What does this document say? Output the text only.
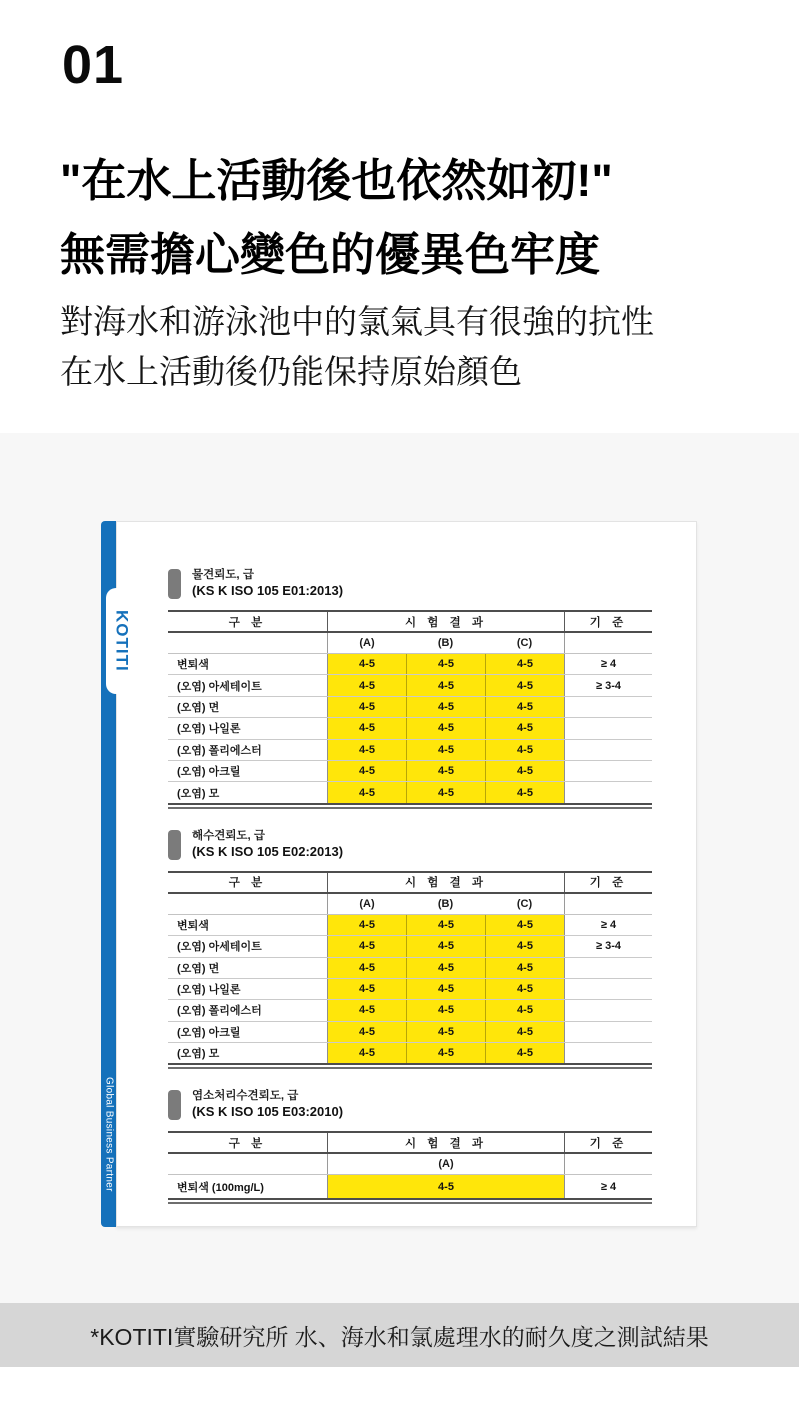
01
"在水上活動後也依然如初!"
無需擔心變色的優異色牢度
對海水和游泳池中的氯氣具有很強的抗性
在水上活動後仍能保持原始顏色
물견뢰도, 급
(KS K ISO 105 E01:2013)
구 분	시 험 결 과	기 준
(A)	(B)	(C)
변퇴색	4-5	4-5	4-5	≥ 4
(오염) 아세테이트	4-5	4-5	4-5	≥ 3-4
(오염) 면	4-5	4-5	4-5
(오염) 나일론	4-5	4-5	4-5
(오염) 폴리에스터	4-5	4-5	4-5
(오염) 아크릴	4-5	4-5	4-5
(오염) 모	4-5	4-5	4-5
해수견뢰도, 급
(KS K ISO 105 E02:2013)
구 분	시 험 결 과	기 준
(A)	(B)	(C)
변퇴색	4-5	4-5	4-5	≥ 4
(오염) 아세테이트	4-5	4-5	4-5	≥ 3-4
(오염) 면	4-5	4-5	4-5
(오염) 나일론	4-5	4-5	4-5
(오염) 폴리에스터	4-5	4-5	4-5
(오염) 아크릴	4-5	4-5	4-5
(오염) 모	4-5	4-5	4-5
염소처리수견뢰도, 급
(KS K ISO 105 E03:2010)
구 분	시 험 결 과	기 준
(A)
변퇴색 (100mg/L)	4-5	≥ 4
KOTITI
Global Business Partner
*KOTITI實驗研究所 水、海水和氯處理水的耐久度之測試結果
